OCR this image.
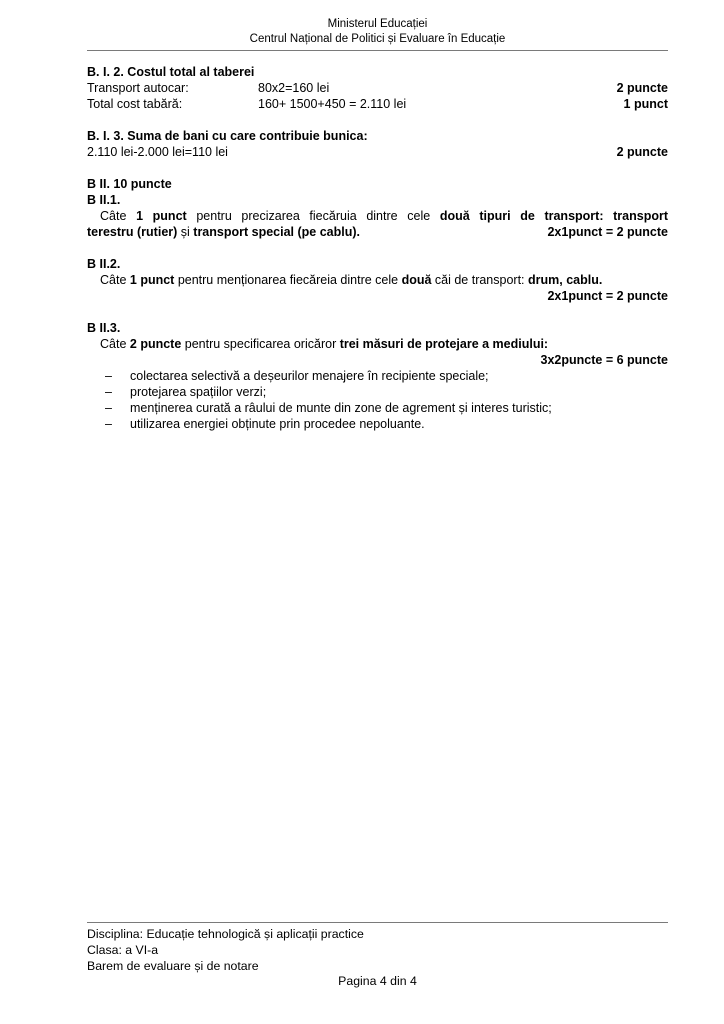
Ministerul Educației
Centrul Național de Politici și Evaluare în Educație
B. I. 2. Costul total al taberei
Transport autocar:	80x2=160 lei	2 puncte
Total cost tabără:	160+ 1500+450 = 2.110 lei	1 punct
B. I. 3. Suma de bani cu care contribuie bunica:
2.110 lei-2.000 lei=110 lei	2 puncte
B II. 10 puncte
B II.1.
Câte 1 punct pentru precizarea fiecăruia dintre cele două tipuri de transport: transport
terestru (rutier) și transport special (pe cablu).	2x1punct = 2 puncte
B II.2.
Câte 1 punct pentru menționarea fiecăreia dintre cele două căi de transport: drum, cablu.
2x1punct = 2 puncte
B II.3.
Câte 2 puncte pentru specificarea oricăror trei măsuri de protejare a mediului:
3x2puncte = 6 puncte
–	colectarea selectivă a deșeurilor menajere în recipiente speciale;
–	protejarea spațiilor verzi;
–	menținerea curată a râului de munte din zone de agrement și interes turistic;
–	utilizarea energiei obținute prin procedee nepoluante.
Disciplina: Educație tehnologică și aplicații practice
Clasa: a VI-a
Barem de evaluare și de notare
Pagina 4 din 4
